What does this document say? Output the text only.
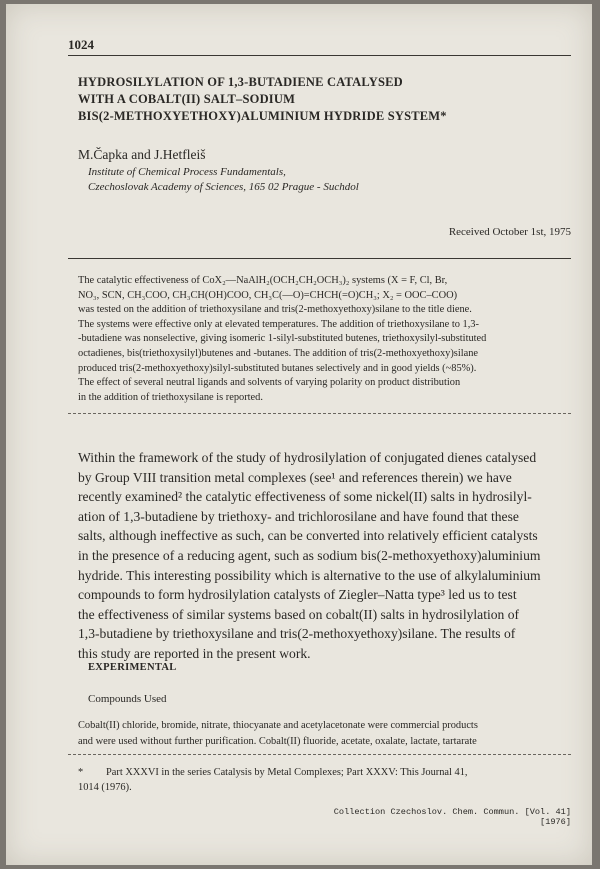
1024
HYDROSILYLATION OF 1,3-BUTADIENE CATALYSED
WITH A COBALT(II) SALT–SODIUM
BIS(2-METHOXYETHOXY)ALUMINIUM HYDRIDE SYSTEM*
M.Čapka and J.Hetfleiš
Institute of Chemical Process Fundamentals,
Czechoslovak Academy of Sciences, 165 02 Prague - Suchdol
Received October 1st, 1975
The catalytic effectiveness of CoX₂—NaAlH₂(OCH₂CH₂OCH₃)₂ systems (X = F, Cl, Br,
NO₃, SCN, CH₃COO, CH₃CH(OH)COO, CH₃C(—O)=CHCH(=O)CH₃; X₂ = OOC–COO)
was tested on the addition of triethoxysilane and tris(2-methoxyethoxy)silane to the title diene.
The systems were effective only at elevated temperatures. The addition of triethoxysilane to 1,3-
-butadiene was nonselective, giving isomeric 1-silyl-substituted butenes, triethoxysilyl-substituted
octadienes, bis(triethoxysilyl)butenes and -butanes. The addition of tris(2-methoxyethoxy)silane
produced tris(2-methoxyethoxy)silyl-substituted butanes selectively and in good yields (~85%).
The effect of several neutral ligands and solvents of varying polarity on product distribution
in the addition of triethoxysilane is reported.
Within the framework of the study of hydrosilylation of conjugated dienes catalysed
by Group VIII transition metal complexes (see¹ and references therein) we have
recently examined² the catalytic effectiveness of some nickel(II) salts in hydrosilyl-
ation of 1,3-butadiene by triethoxy- and trichlorosilane and have found that these
salts, although ineffective as such, can be converted into relatively efficient catalysts
in the presence of a reducing agent, such as sodium bis(2-methoxyethoxy)aluminium
hydride. This interesting possibility which is alternative to the use of alkylaluminium
compounds to form hydrosilylation catalysts of Ziegler–Natta type³ led us to test
the effectiveness of similar systems based on cobalt(II) salts in hydrosilylation of
1,3-butadiene by triethoxysilane and tris(2-methoxyethoxy)silane. The results of
this study are reported in the present work.
EXPERIMENTAL
Compounds Used
Cobalt(II) chloride, bromide, nitrate, thiocyanate and acetylacetonate were commercial products
and were used without further purification. Cobalt(II) fluoride, acetate, oxalate, lactate, tartarate
* Part XXXVI in the series Catalysis by Metal Complexes; Part XXXV: This Journal 41,
1014 (1976).
Collection Czechoslov. Chem. Commun. [Vol. 41] [1976]
